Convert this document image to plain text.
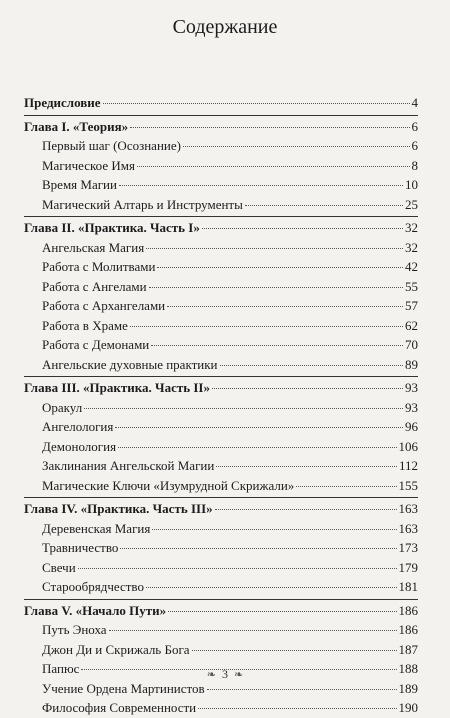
Содержание
Предисловие	4
Глава I. «Теория»	6
Первый шаг (Осознание)	6
Магическое Имя	8
Время Магии	10
Магический Алтарь и Инструменты	25
Глава II. «Практика. Часть I»	32
Ангельская Магия	32
Работа с Молитвами	42
Работа с Ангелами	55
Работа с Архангелами	57
Работа в Храме	62
Работа с Демонами	70
Ангельские духовные практики	89
Глава III. «Практика. Часть II»	93
Оракул	93
Ангелология	96
Демонология	106
Заклинания Ангельской Магии	112
Магические Ключи «Изумрудной Скрижали»	155
Глава IV. «Практика. Часть III»	163
Деревенская Магия	163
Травничество	173
Свечи	179
Старообрядчество	181
Глава V. «Начало Пути»	186
Путь Эноха	186
Джон Ди и Скрижаль Бога	187
Папюс	188
Учение Ордена Мартинистов	189
Философия Современности	190
❧ 3 ❧
